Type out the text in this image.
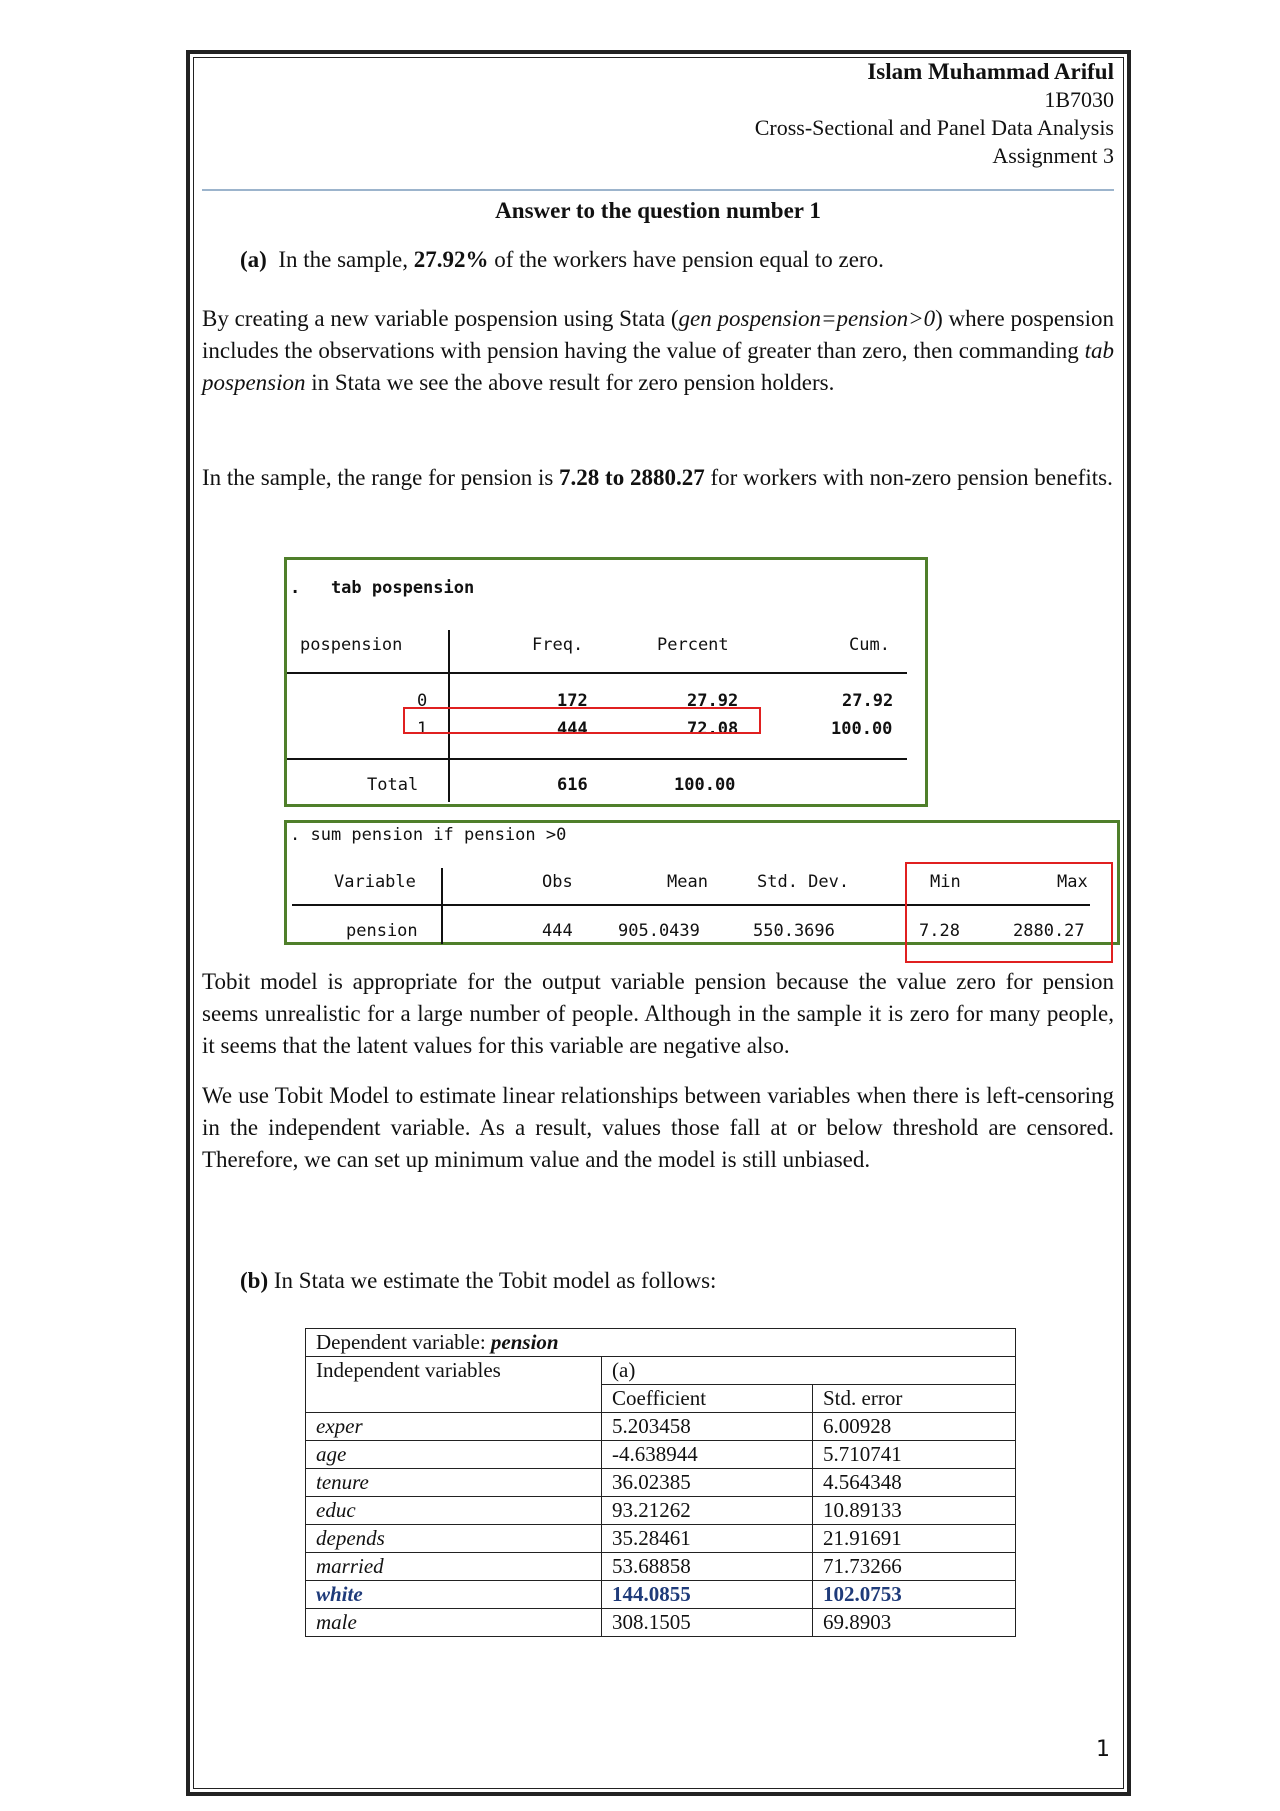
Islam Muhammad Ariful
1B7030
Cross-Sectional and Panel Data Analysis
Assignment 3
Answer to the question number 1
(a) In the sample, 27.92% of the workers have pension equal to zero.
By creating a new variable pospension using Stata (gen pospension=pension>0) where pospension includes the observations with pension having the value of greater than zero, then commanding tab pospension in Stata we see the above result for zero pension holders.
In the sample, the range for pension is 7.28 to 2880.27 for workers with non-zero pension benefits.
Tobit model is appropriate for the output variable pension because the value zero for pension seems unrealistic for a large number of people. Although in the sample it is zero for many people, it seems that the latent values for this variable are negative also.
We use Tobit Model to estimate linear relationships between variables when there is left-censoring in the independent variable. As a result, values those fall at or below threshold are censored. Therefore, we can set up minimum value and the model is still unbiased.
(b) In Stata we estimate the Tobit model as follows:
.   tab pospension
pospension	Freq.	Percent	Cum.
0	172	27.92	27.92
1	444	72.08	100.00
Total	616	100.00
. sum pension if pension >0
Variable	Obs	Mean	Std. Dev.	Min	Max
pension	444	905.0439	550.3696	7.28	2880.27
Dependent variable: pension		
Independent variables	(a)	
	Coefficient	Std. error
exper	5.203458	6.00928
age	-4.638944	5.710741
tenure	36.02385	4.564348
educ	93.21262	10.89133
depends	35.28461	21.91691
married	53.68858	71.73266
white	144.0855	102.0753
male	308.1505	69.8903
1
